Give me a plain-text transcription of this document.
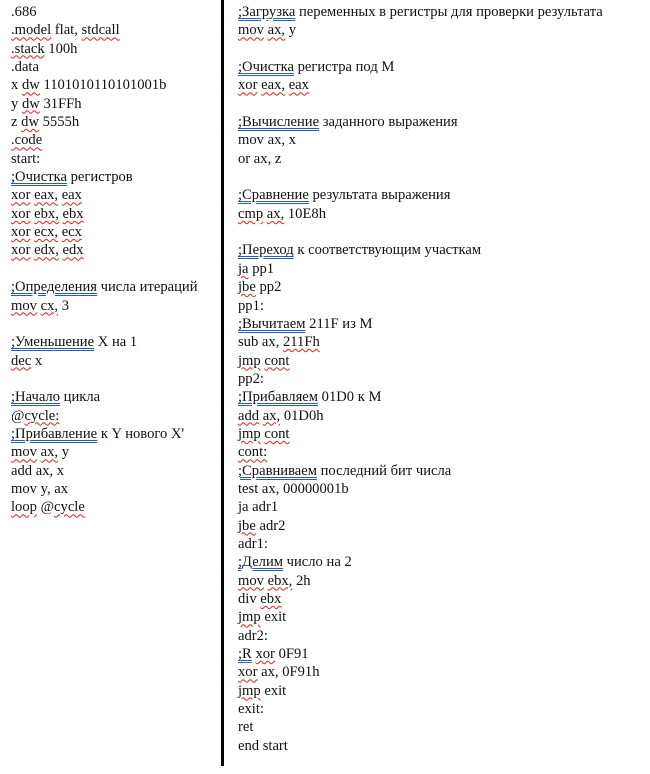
.686
.model flat, stdcall
.stack 100h
.data
x dw 1101010110101001b
y dw 31FFh
z dw 5555h
.code
start:
;Очистка регистров
xor eax, eax
xor ebx, ebx
xor ecx, ecx
xor edx, edx
;Определения числа итераций
mov cx, 3
;Уменьшение X на 1
dec x
;Начало цикла
@cycle:
;Прибавление к Y нового X'
mov ax, y
add ax, x
mov y, ax
loop @cycle
;Загрузка переменных в регистры для проверки результата
mov ax, y
;Очистка регистра под M
xor eax, eax
;Вычисление заданного выражения
mov ax, x
or ax, z
;Сравнение результата выражения
cmp ax, 10E8h
;Переход к соответствующим участкам
ja pp1
jbe pp2
pp1:
;Вычитаем 211F из M
sub ax, 211Fh
jmp cont
pp2:
;Прибавляем 01D0 к M
add ax, 01D0h
jmp cont
cont:
;Сравниваем последний бит числа
test ax, 00000001b
ja adr1
jbe adr2
adr1:
;Делим число на 2
mov ebx, 2h
div ebx
jmp exit
adr2:
;R xor 0F91
xor ax, 0F91h
jmp exit
exit:
ret
end start
